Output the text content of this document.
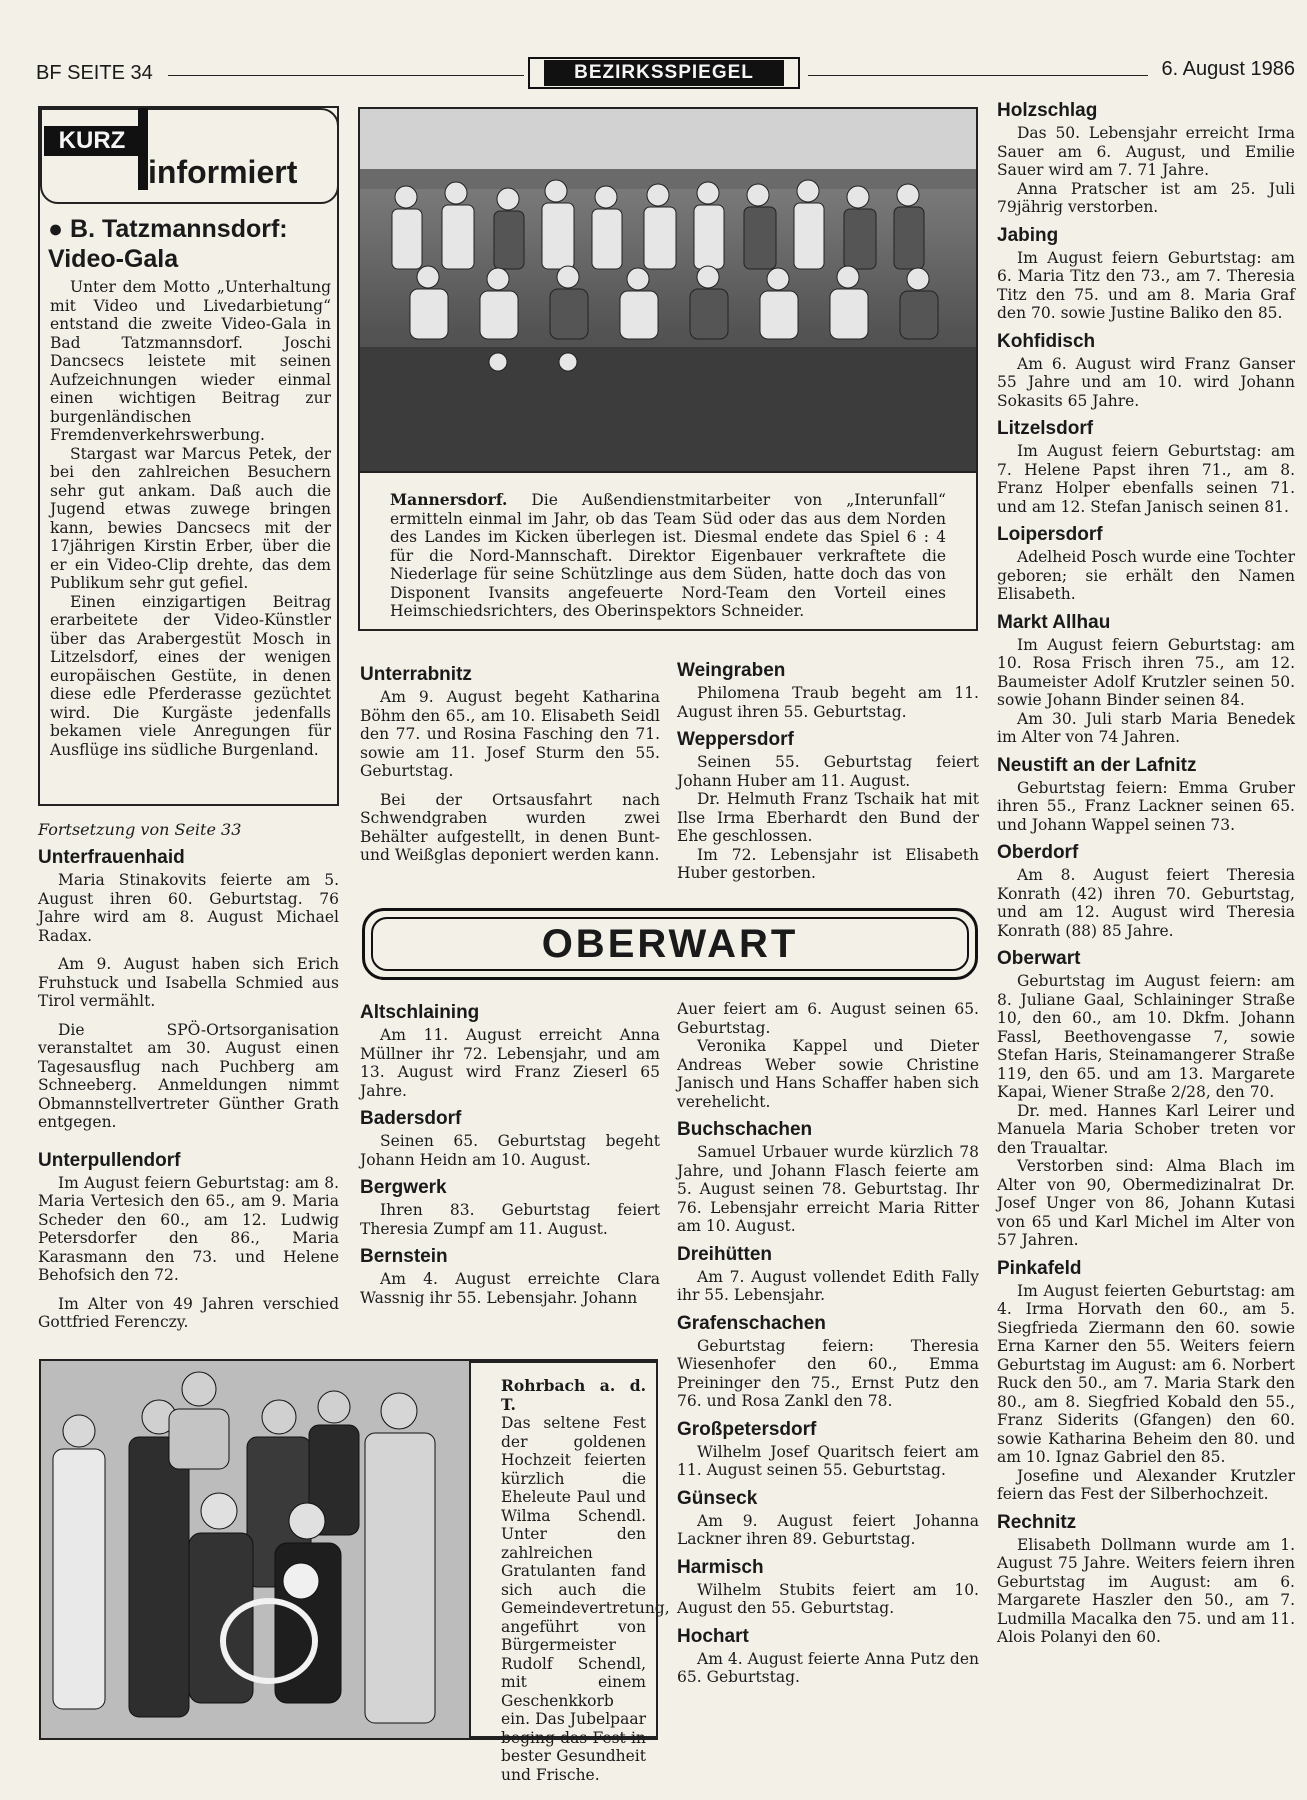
BF SEITE 34	BEZIRKSSPIEGEL	6. August 1986
KURZ
informiert
● B. Tatzmannsdorf: Video-Gala

Unter dem Motto „Unterhaltung mit Video und Livedarbietung“ entstand die zweite Video-Gala in Bad Tatzmannsdorf. Joschi Dancsecs leistete mit seinen Aufzeichnungen wieder einmal einen wichtigen Beitrag zur burgenländischen Fremdenverkehrswerbung.

Stargast war Marcus Petek, der bei den zahlreichen Besuchern sehr gut ankam. Daß auch die Jugend etwas zuwege bringen kann, bewies Dancsecs mit der 17jährigen Kirstin Erber, über die er ein Video-Clip drehte, das dem Publikum sehr gut gefiel.

Einen einzigartigen Beitrag erarbeitete der Video-Künstler über das Arabergestüt Mosch in Litzelsdorf, eines der wenigen europäischen Gestüte, in denen diese edle Pferderasse gezüchtet wird. Die Kurgäste jedenfalls bekamen viele Anregungen für Ausflüge ins südliche Burgenland.

Fortsetzung von Seite 33

Unterfrauenhaid

Maria Stinakovits feierte am 5. August ihren 60. Geburtstag. 76 Jahre wird am 8. August Michael Radax.

Am 9. August haben sich Erich Fruhstuck und Isabella Schmied aus Tirol vermählt.

Die SPÖ-Ortsorganisation veranstaltet am 30. August einen Tagesausflug nach Puchberg am Schneeberg. Anmeldungen nimmt Obmannstellvertreter Günther Grath entgegen.

Unterpullendorf

Im August feiern Geburtstag: am 8. Maria Vertesich den 65., am 9. Maria Scheder den 60., am 12. Ludwig Petersdorfer den 86., Maria Karasmann den 73. und Helene Behofsich den 72.

Im Alter von 49 Jahren verschied Gottfried Ferenczy.

Mannersdorf. Die Außendienstmitarbeiter von „Interunfall“ ermitteln einmal im Jahr, ob das Team Süd oder das aus dem Norden des Landes im Kicken überlegen ist. Diesmal endete das Spiel 6 : 4 für die Nord-Mannschaft. Direktor Eigenbauer verkraftete die Niederlage für seine Schützlinge aus dem Süden, hatte doch das von Disponent Ivansits angefeuerte Nord-Team den Vorteil eines Heimschiedsrichters, des Oberinspektors Schneider.
Unterrabnitz

Am 9. August begeht Katharina Böhm den 65., am 10. Elisabeth Seidl den 77. und Rosina Fasching den 71. sowie am 11. Josef Sturm den 55. Geburtstag.

Bei der Ortsausfahrt nach Schwendgraben wurden zwei Behälter aufgestellt, in denen Bunt- und Weißglas deponiert werden kann.

Weingraben

Philomena Traub begeht am 11. August ihren 55. Geburtstag.

Weppersdorf

Seinen 55. Geburtstag feiert Johann Huber am 11. August.

Dr. Helmuth Franz Tschaik hat mit Ilse Irma Eberhardt den Bund der Ehe geschlossen.

Im 72. Lebensjahr ist Elisabeth Huber gestorben.

OBERWART
Altschlaining

Am 11. August erreicht Anna Müllner ihr 72. Lebensjahr, und am 13. August wird Franz Zieserl 65 Jahre.

Badersdorf

Seinen 65. Geburtstag begeht Johann Heidn am 10. August.

Bergwerk

Ihren 83. Geburtstag feiert Theresia Zumpf am 11. August.

Bernstein

Am 4. August erreichte Clara Wassnig ihr 55. Lebensjahr. Johann

Auer feiert am 6. August seinen 65. Geburtstag.

Veronika Kappel und Dieter Andreas Weber sowie Christine Janisch und Hans Schaffer haben sich verehelicht.

Buchschachen

Samuel Urbauer wurde kürzlich 78 Jahre, und Johann Flasch feierte am 5. August seinen 78. Geburtstag. Ihr 76. Lebensjahr erreicht Maria Ritter am 10. August.

Dreihütten

Am 7. August vollendet Edith Fally ihr 55. Lebensjahr.

Grafenschachen

Geburtstag feiern: Theresia Wiesenhofer den 60., Emma Preininger den 75., Ernst Putz den 76. und Rosa Zankl den 78.

Großpetersdorf

Wilhelm Josef Quaritsch feiert am 11. August seinen 55. Geburtstag.

Günseck

Am 9. August feiert Johanna Lackner ihren 89. Geburtstag.

Harmisch

Wilhelm Stubits feiert am 10. August den 55. Geburtstag.

Hochart

Am 4. August feierte Anna Putz den 65. Geburtstag.

Rohrbach a. d. T.
Das seltene Fest der goldenen Hochzeit feierten kürzlich die Eheleute Paul und Wilma Schendl. Unter den zahlreichen Gratulanten fand sich auch die Gemeindevertretung, angeführt von Bürgermeister Rudolf Schendl, mit einem Geschenkkorb ein. Das Jubelpaar beging das Fest in bester Gesundheit und Frische.
Holzschlag

Das 50. Lebensjahr erreicht Irma Sauer am 6. August, und Emilie Sauer wird am 7. 71 Jahre.

Anna Pratscher ist am 25. Juli 79jährig verstorben.

Jabing

Im August feiern Geburtstag: am 6. Maria Titz den 73., am 7. Theresia Titz den 75. und am 8. Maria Graf den 70. sowie Justine Baliko den 85.

Kohfidisch

Am 6. August wird Franz Ganser 55 Jahre und am 10. wird Johann Sokasits 65 Jahre.

Litzelsdorf

Im August feiern Geburtstag: am 7. Helene Papst ihren 71., am 8. Franz Holper ebenfalls seinen 71. und am 12. Stefan Janisch seinen 81.

Loipersdorf

Adelheid Posch wurde eine Tochter geboren; sie erhält den Namen Elisabeth.

Markt Allhau

Im August feiern Geburtstag: am 10. Rosa Frisch ihren 75., am 12. Baumeister Adolf Krutzler seinen 50. sowie Johann Binder seinen 84.

Am 30. Juli starb Maria Benedek im Alter von 74 Jahren.

Neustift an der Lafnitz

Geburtstag feiern: Emma Gruber ihren 55., Franz Lackner seinen 65. und Johann Wappel seinen 73.

Oberdorf

Am 8. August feiert Theresia Konrath (42) ihren 70. Geburtstag, und am 12. August wird Theresia Konrath (88) 85 Jahre.

Oberwart

Geburtstag im August feiern: am 8. Juliane Gaal, Schlaininger Straße 10, den 60., am 10. Dkfm. Johann Fassl, Beethovengasse 7, sowie Stefan Haris, Steinamangerer Straße 119, den 65. und am 13. Margarete Kapai, Wiener Straße 2/28, den 70.

Dr. med. Hannes Karl Leirer und Manuela Maria Schober treten vor den Traualtar.

Verstorben sind: Alma Blach im Alter von 90, Obermedizinalrat Dr. Josef Unger von 86, Johann Kutasi von 65 und Karl Michel im Alter von 57 Jahren.

Pinkafeld

Im August feierten Geburtstag: am 4. Irma Horvath den 60., am 5. Siegfrieda Ziermann den 60. sowie Erna Karner den 55. Weiters feiern Geburtstag im August: am 6. Norbert Ruck den 50., am 7. Maria Stark den 80., am 8. Siegfried Kobald den 55., Franz Siderits (Gfangen) den 60. sowie Katharina Beheim den 80. und am 10. Ignaz Gabriel den 85.

Josefine und Alexander Krutzler feiern das Fest der Silberhochzeit.

Rechnitz

Elisabeth Dollmann wurde am 1. August 75 Jahre. Weiters feiern ihren Geburtstag im August: am 6. Margarete Haszler den 50., am 7. Ludmilla Macalka den 75. und am 11. Alois Polanyi den 60.
